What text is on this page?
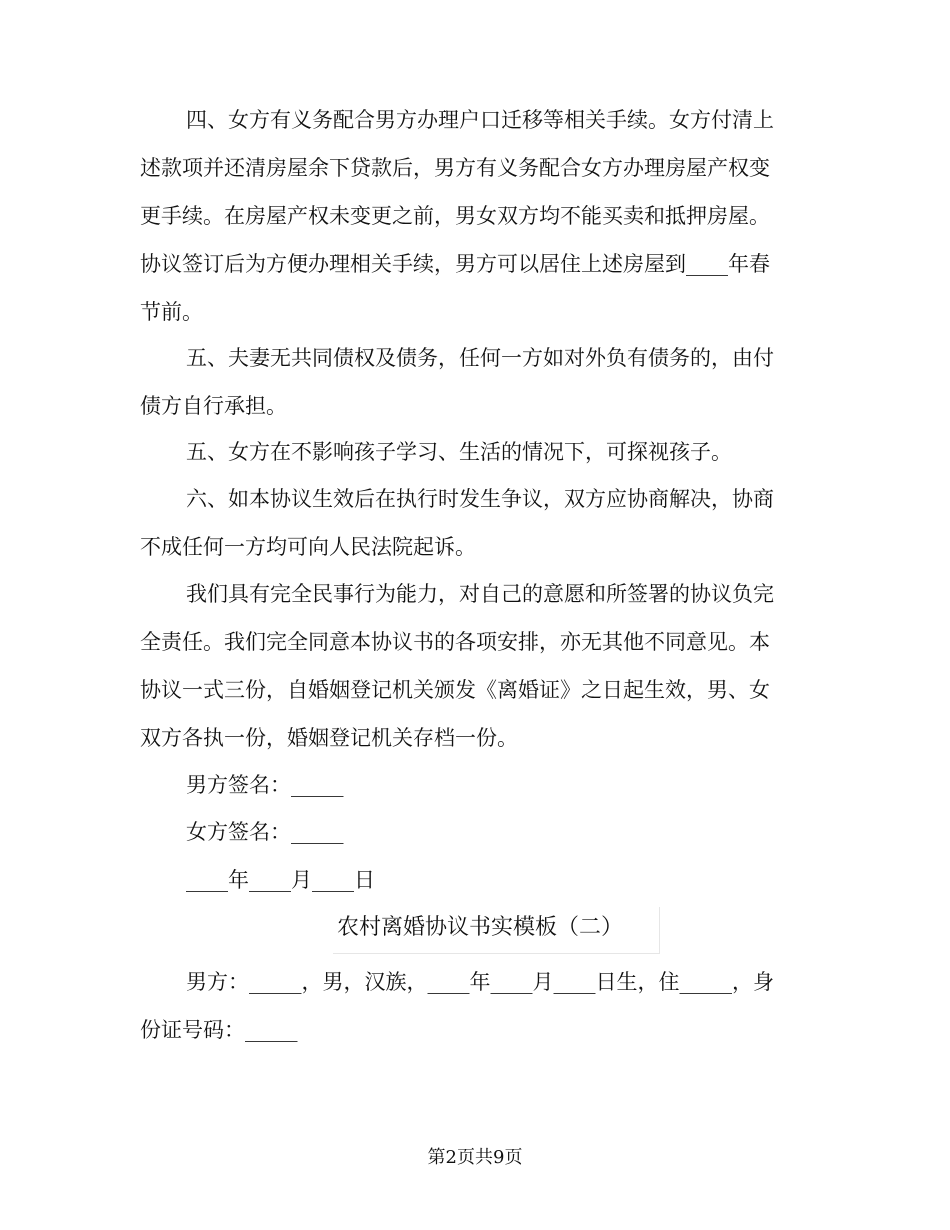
四、女方有义务配合男方办理户口迁移等相关手续。女方付清上
述款项并还清房屋余下贷款后，男方有义务配合女方办理房屋产权变
更手续。在房屋产权未变更之前，男女双方均不能买卖和抵押房屋。
协议签订后为方便办理相关手续，男方可以居住上述房屋到____年春
节前。
五、夫妻无共同债权及债务，任何一方如对外负有债务的，由付
债方自行承担。
五、女方在不影响孩子学习、生活的情况下，可探视孩子。
六、如本协议生效后在执行时发生争议，双方应协商解决，协商
不成任何一方均可向人民法院起诉。
我们具有完全民事行为能力，对自己的意愿和所签署的协议负完
全责任。我们完全同意本协议书的各项安排，亦无其他不同意见。本
协议一式三份，自婚姻登记机关颁发《离婚证》之日起生效，男、女
双方各执一份，婚姻登记机关存档一份。
男方签名：_____
女方签名：_____
____年____月____日
农村离婚协议书实模板（二）
男方：_____，男，汉族，____年____月____日生，住_____，身
份证号码：_____
第2页共9页
